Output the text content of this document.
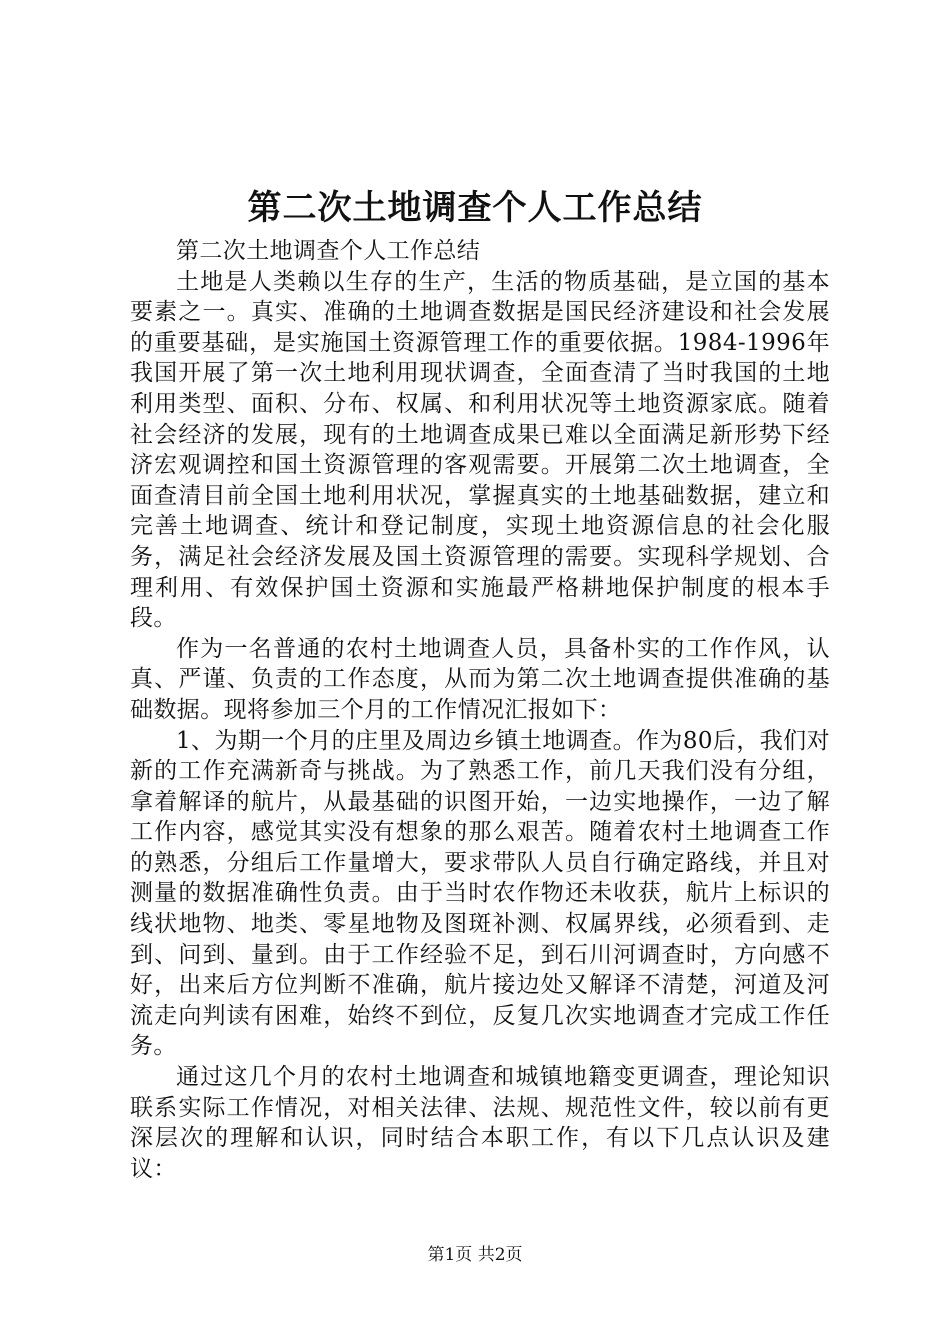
第二次土地调查个人工作总结

第二次土地调查个人工作总结

土地是人类赖以生存的生产，生活的物质基础，是立国的基本要素之一。真实、准确的土地调查数据是国民经济建设和社会发展的重要基础，是实施国土资源管理工作的重要依据。1984-1996年我国开展了第一次土地利用现状调查，全面查清了当时我国的土地利用类型、面积、分布、权属、和利用状况等土地资源家底。随着社会经济的发展，现有的土地调查成果已难以全面满足新形势下经济宏观调控和国土资源管理的客观需要。开展第二次土地调查，全面查清目前全国土地利用状况，掌握真实的土地基础数据，建立和完善土地调查、统计和登记制度，实现土地资源信息的社会化服务，满足社会经济发展及国土资源管理的需要。实现科学规划、合理利用、有效保护国土资源和实施最严格耕地保护制度的根本手段。

作为一名普通的农村土地调查人员，具备朴实的工作作风，认真、严谨、负责的工作态度，从而为第二次土地调查提供准确的基础数据。现将参加三个月的工作情况汇报如下：

1、为期一个月的庄里及周边乡镇土地调查。作为80后，我们对新的工作充满新奇与挑战。为了熟悉工作，前几天我们没有分组，拿着解译的航片，从最基础的识图开始，一边实地操作，一边了解工作内容，感觉其实没有想象的那么艰苦。随着农村土地调查工作的熟悉，分组后工作量增大，要求带队人员自行确定路线，并且对测量的数据准确性负责。由于当时农作物还未收获，航片上标识的线状地物、地类、零星地物及图斑补测、权属界线，必须看到、走到、问到、量到。由于工作经验不足，到石川河调查时，方向感不好，出来后方位判断不准确，航片接边处又解译不清楚，河道及河流走向判读有困难，始终不到位，反复几次实地调查才完成工作任务。

通过这几个月的农村土地调查和城镇地籍变更调查，理论知识联系实际工作情况，对相关法律、法规、规范性文件，较以前有更深层次的理解和认识，同时结合本职工作，有以下几点认识及建议：

第1页 共2页
